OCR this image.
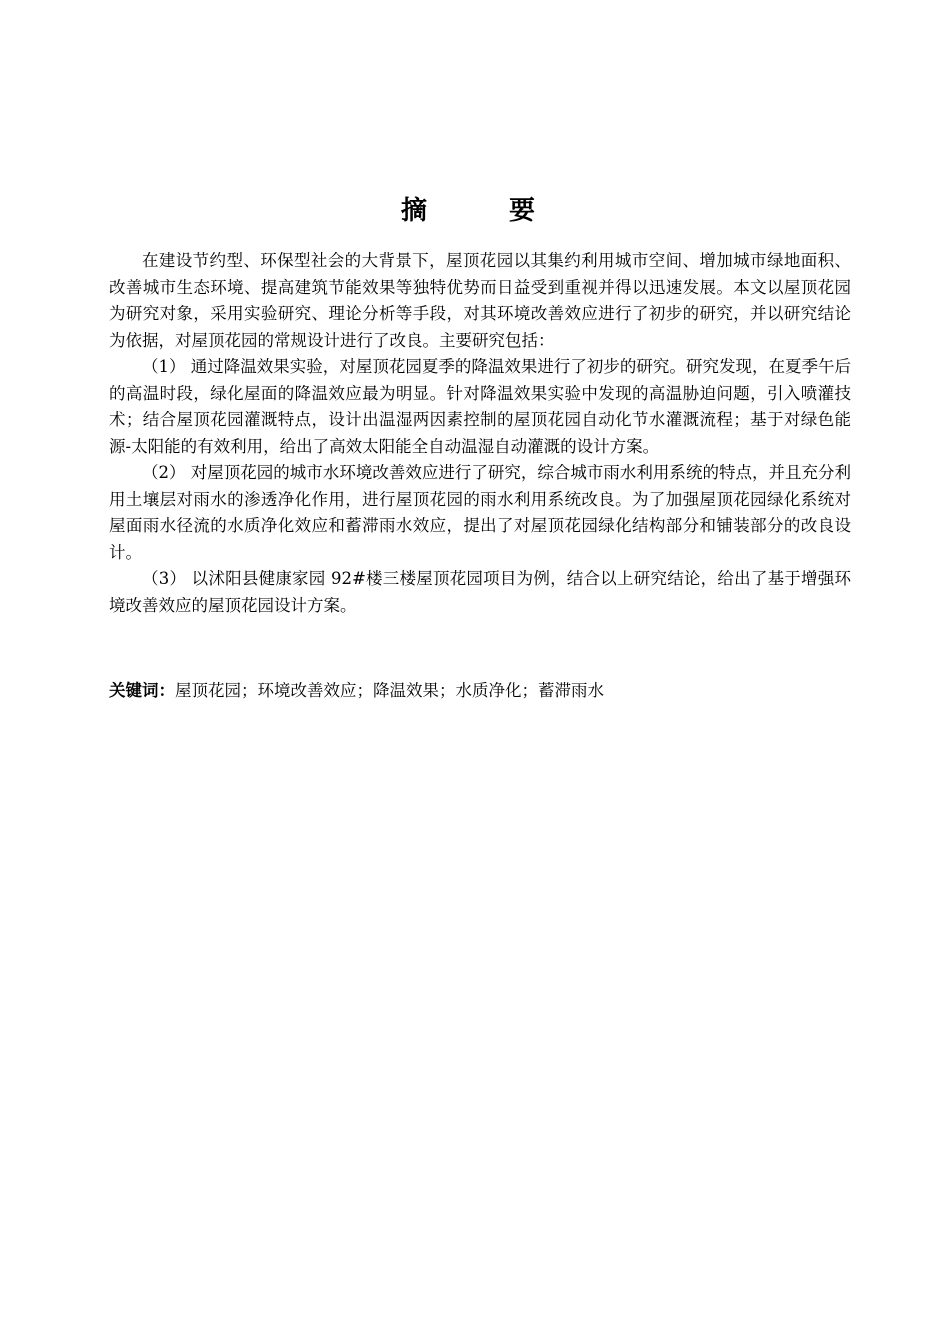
摘　要

在建设节约型、环保型社会的大背景下，屋顶花园以其集约利用城市空间、增加城市绿地面积、改善城市生态环境、提高建筑节能效果等独特优势而日益受到重视并得以迅速发展。本文以屋顶花园为研究对象，采用实验研究、理论分析等手段，对其环境改善效应进行了初步的研究，并以研究结论为依据，对屋顶花园的常规设计进行了改良。主要研究包括：

（1） 通过降温效果实验，对屋顶花园夏季的降温效果进行了初步的研究。研究发现，在夏季午后的高温时段，绿化屋面的降温效应最为明显。针对降温效果实验中发现的高温胁迫问题，引入喷灌技术；结合屋顶花园灌溉特点，设计出温湿两因素控制的屋顶花园自动化节水灌溉流程；基于对绿色能源-太阳能的有效利用，给出了高效太阳能全自动温湿自动灌溉的设计方案。

（2） 对屋顶花园的城市水环境改善效应进行了研究，综合城市雨水利用系统的特点，并且充分利用土壤层对雨水的渗透净化作用，进行屋顶花园的雨水利用系统改良。为了加强屋顶花园绿化系统对屋面雨水径流的水质净化效应和蓄滞雨水效应，提出了对屋顶花园绿化结构部分和铺装部分的改良设计。

（3） 以沭阳县健康家园 92#楼三楼屋顶花园项目为例，结合以上研究结论，给出了基于增强环境改善效应的屋顶花园设计方案。

关键词：屋顶花园；环境改善效应；降温效果；水质净化；蓄滞雨水
